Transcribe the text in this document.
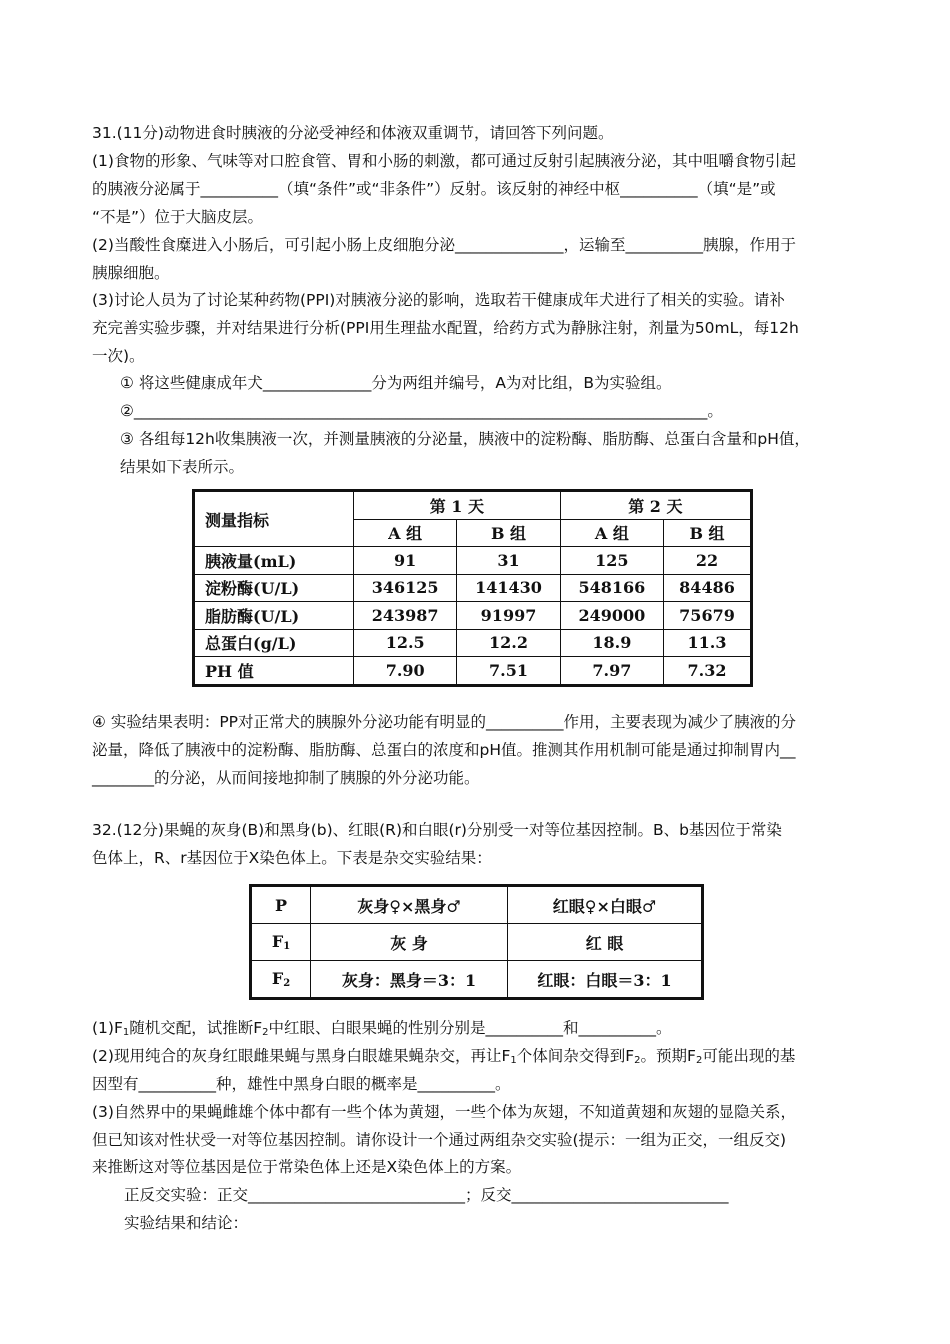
31.(11分)动物进食时胰液的分泌受神经和体液双重调节，请回答下列问题。
(1)食物的形象、气味等对口腔食管、胃和小肠的刺激，都可通过反射引起胰液分泌，其中咀嚼食物引起
的胰液分泌属于__________（填“条件”或“非条件”）反射。该反射的神经中枢__________（填“是”或
“不是”）位于大脑皮层。
(2)当酸性食糜进入小肠后，可引起小肠上皮细胞分泌______________，运输至__________胰腺，作用于
胰腺细胞。
(3)讨论人员为了讨论某种药物(PPI)对胰液分泌的影响，选取若干健康成年犬进行了相关的实验。请补
充完善实验步骤，并对结果进行分析(PPI用生理盐水配置，给药方式为静脉注射，剂量为50mL，每12h
一次)。
① 将这些健康成年犬______________分为两组并编号，A为对比组，B为实验组。
②__________________________________________________________________________。
③ 各组每12h收集胰液一次，并测量胰液的分泌量，胰液中的淀粉酶、脂肪酶、总蛋白含量和pH值，
结果如下表所示。
测量指标	第 1 天		第 2 天	
	A 组	B 组	A 组	B 组
胰液量(mL)	91	31	125	22
淀粉酶(U/L)	346125	141430	548166	84486
脂肪酶(U/L)	243987	91997	249000	75679
总蛋白(g/L)	12.5	12.2	18.9	11.3
PH 值	7.90	7.51	7.97	7.32
④ 实验结果表明：PP对正常犬的胰腺外分泌功能有明显的__________作用，主要表现为减少了胰液的分
泌量，降低了胰液中的淀粉酶、脂肪酶、总蛋白的浓度和pH值。推测其作用机制可能是通过抑制胃内__
________的分泌，从而间接地抑制了胰腺的外分泌功能。
32.(12分)果蝇的灰身(B)和黑身(b)、红眼(R)和白眼(r)分别受一对等位基因控制。B、b基因位于常染
色体上，R、r基因位于X染色体上。下表是杂交实验结果：
P	灰身♀×黑身♂	红眼♀×白眼♂
$F_1$	灰 身	红 眼
$F_2$	灰身：黑身＝3：1	红眼：白眼＝3：1
$(1)F_1$随机交配，试推断$F_2$中红眼、白眼果蝇的性别分别是__________和__________。
(2)现用纯合的灰身红眼雌果蝇与黑身白眼雄果蝇杂交，再让$F_1$个体间杂交得到$F_2$。预期$F_2$可能出现的基
因型有__________种，雄性中黑身白眼的概率是__________。
(3)自然界中的果蝇雌雄个体中都有一些个体为黄翅，一些个体为灰翅，不知道黄翅和灰翅的显隐关系，
但已知该对性状受一对等位基因控制。请你设计一个通过两组杂交实验(提示：一组为正交，一组反交)
来推断这对等位基因是位于常染色体上还是X染色体上的方案。
正反交实验：正交____________________________；反交____________________________
实验结果和结论：
